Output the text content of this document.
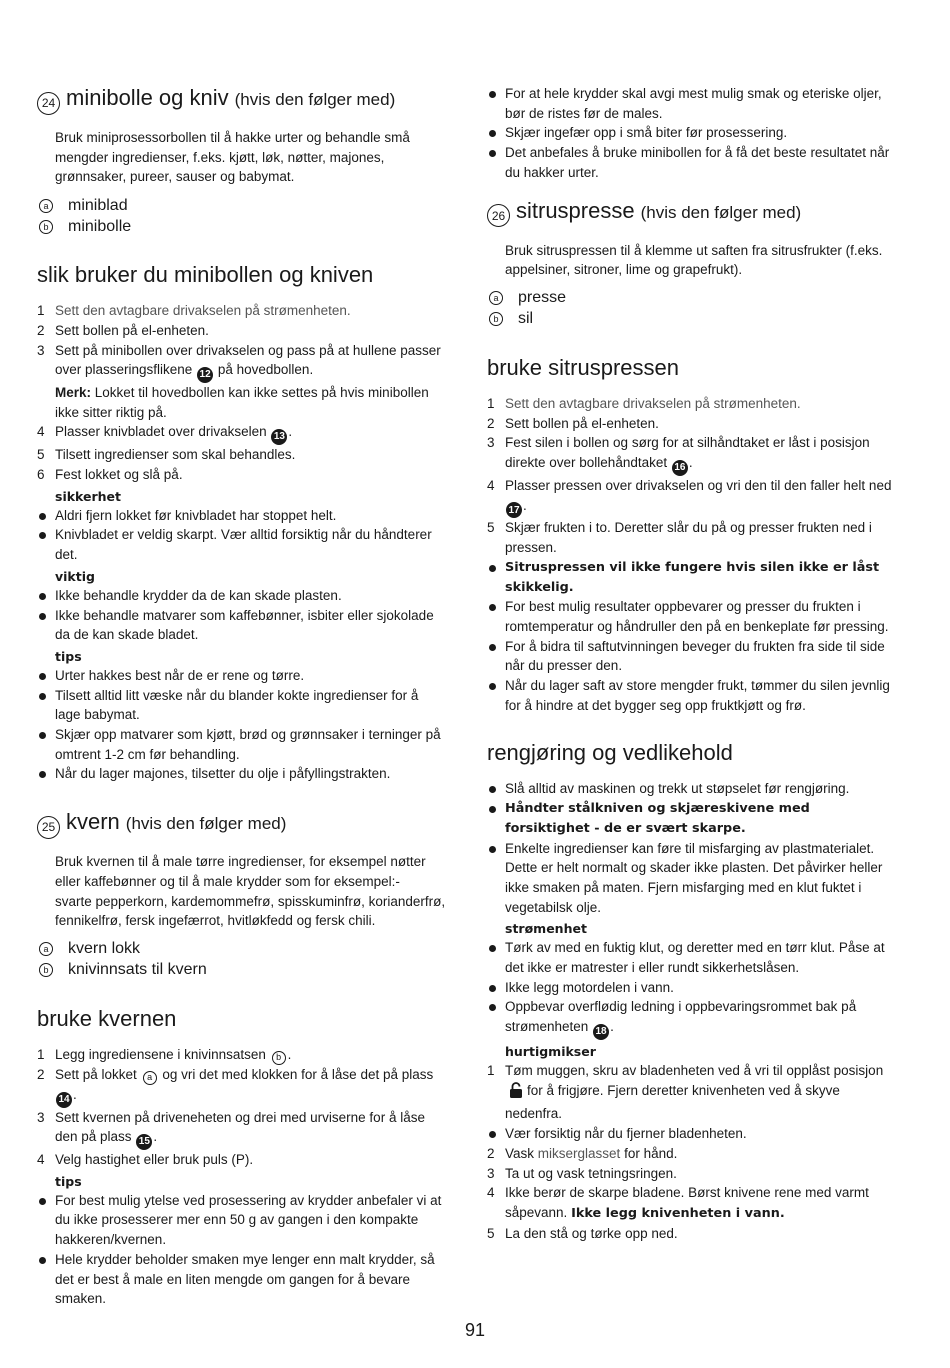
24 minibolle og kniv (hvis den følger med)
Bruk miniprosessorbollen til å hakke urter og behandle små mengder ingredienser, f.eks. kjøtt, løk, nøtter, majones, grønnsaker, pureer, sauser og babymat.
a miniblad
b minibolle
slik bruker du minibollen og kniven
1 Sett den avtagbare drivakselen på strømenheten.
2 Sett bollen på el-enheten.
3 Sett på minibollen over drivakselen og pass på at hullene passer over plasseringsflikene 12 på hovedbollen.
Merk: Lokket til hovedbollen kan ikke settes på hvis minibollen ikke sitter riktig på.
4 Plasser knivbladet over drivakselen 13 .
5 Tilsett ingredienser som skal behandles.
6 Fest lokket og slå på.
sikkerhet
Aldri fjern lokket før knivbladet har stoppet helt.
Knivbladet er veldig skarpt. Vær alltid forsiktig når du håndterer det.
viktig
Ikke behandle krydder da de kan skade plasten.
Ikke behandle matvarer som kaffebønner, isbiter eller sjokolade da de kan skade bladet.
tips
Urter hakkes best når de er rene og tørre.
Tilsett alltid litt væske når du blander kokte ingredienser for å lage babymat.
Skjær opp matvarer som kjøtt, brød og grønnsaker i terninger på omtrent 1-2 cm før behandling.
Når du lager majones, tilsetter du olje i påfyllingstrakten.
25 kvern (hvis den følger med)
Bruk kvernen til å male tørre ingredienser, for eksempel nøtter eller kaffebønner og til å male krydder som for eksempel:-
svarte pepperkorn, kardemommefrø, spisskuminfrø, korianderfrø, fennikelfrø, fersk ingefærrot, hvitløkfedd og fersk chili.
a kvern lokk
b knivinnsats til kvern
bruke kvernen
1 Legg ingrediensene i knivinnsatsen b .
2 Sett på lokket a og vri det med klokken for å låse det på plass 14 .
3 Sett kvernen på driveneheten og drei med urviserne for å låse den på plass 15 .
4 Velg hastighet eller bruk puls (P).
tips
For best mulig ytelse ved prosessering av krydder anbefaler vi at du ikke prosesserer mer enn 50 g av gangen i den kompakte hakkeren/kvernen.
Hele krydder beholder smaken mye lenger enn malt krydder, så det er best å male en liten mengde om gangen for å bevare smaken.
For at hele krydder skal avgi mest mulig smak og eteriske oljer, bør de ristes før de males.
Skjær ingefær opp i små biter før prosessering.
Det anbefales å bruke minibollen for å få det beste resultatet når du hakker urter.
26 sitruspresse (hvis den følger med)
Bruk sitruspressen til å klemme ut saften fra sitrusfrukter (f.eks. appelsiner, sitroner, lime og grapefrukt).
a presse
b sil
bruke sitruspressen
1 Sett den avtagbare drivakselen på strømenheten.
2 Sett bollen på el-enheten.
3 Fest silen i bollen og sørg for at silhåndtaket er låst i posisjon direkte over bollehåndtaket 16 .
4 Plasser pressen over drivakselen og vri den til den faller helt ned 17 .
5 Skjær frukten i to. Deretter slår du på og presser frukten ned i pressen.
Sitruspressen vil ikke fungere hvis silen ikke er låst skikkelig.
For best mulig resultater oppbevarer og presser du frukten i romtemperatur og håndruller den på en benkeplate før pressing.
For å bidra til saftutvinningen beveger du frukten fra side til side når du presser den.
Når du lager saft av store mengder frukt, tømmer du silen jevnlig for å hindre at det bygger seg opp fruktkjøtt og frø.
rengjøring og vedlikehold
Slå alltid av maskinen og trekk ut støpselet før rengjøring.
Håndter stålkniven og skjæreskivene med forsiktighet - de er svært skarpe.
Enkelte ingredienser kan føre til misfarging av plastmaterialet. Dette er helt normalt og skader ikke plasten. Det påvirker heller ikke smaken på maten. Fjern misfarging med en klut fuktet i vegetabilsk olje.
strømenhet
Tørk av med en fuktig klut, og deretter med en tørr klut. Påse at det ikke er matrester i eller rundt sikkerhetslåsen.
Ikke legg motordelen i vann.
Oppbevar overflødig ledning i oppbevaringsrommet bak på strømenheten 18 .
hurtigmikser
1 Tøm muggen, skru av bladenheten ved å vri til opplåst posisjonfor å frigjøre. Fjern deretter knivenheten ved å skyve nedenfra.
Vær forsiktig når du fjerner bladenheten.
2 Vask mikserglasset for hånd.
3 Ta ut og vask tetningsringen.
4 Ikke berør de skarpe bladene. Børst knivene rene med varmt såpevann. Ikke legg knivenheten i vann.
5 La den stå og tørke opp ned.
91
